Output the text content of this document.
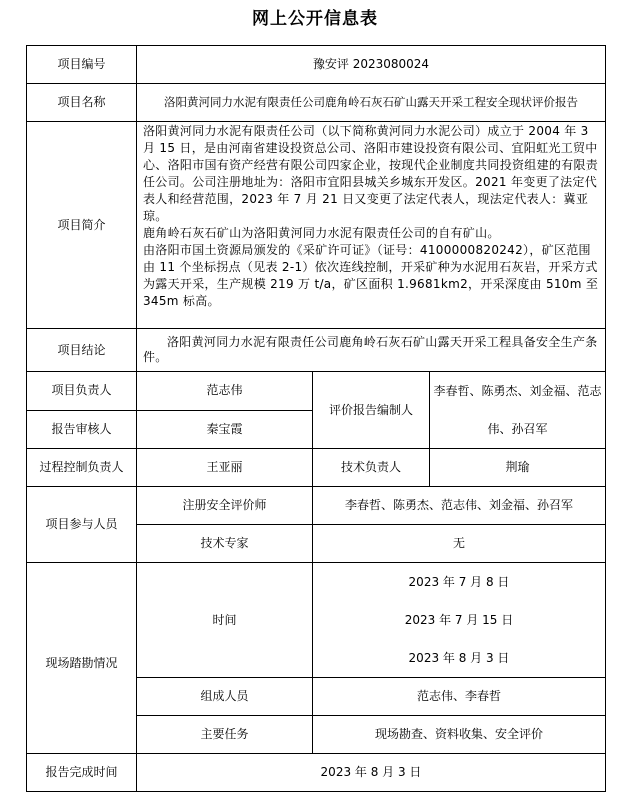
网上公开信息表
项目编号	豫安评 2023080024		
项目名称	洛阳黄河同力水泥有限责任公司鹿角岭石灰石矿山露天开采工程安全现状评价报告		
项目简介	洛阳黄河同力水泥有限责任公司（以下简称黄河同力水泥公司）成立于 2004 年 3 月 15 日，是由河南省建设投资总公司、洛阳市建设投资有限公司、宜阳虹光工贸中心、洛阳市国有资产经营有限公司四家企业，按现代企业制度共同投资组建的有限责任公司。公司注册地址为：洛阳市宜阳县城关乡城东开发区。2021 年变更了法定代表人和经营范围，2023 年 7 月 21 日又变更了法定代表人，现法定代表人：冀亚琼。
鹿角岭石灰石矿山为洛阳黄河同力水泥有限责任公司的自有矿山。
由洛阳市国土资源局颁发的《采矿许可证》（证号：4100000820242），矿区范围由 11 个坐标拐点（见表 2-1）依次连线控制，开采矿种为水泥用石灰岩，开采方式为露天开采，生产规模 219 万 t/a，矿区面积 1.9681km2，开采深度由 510m 至 345m 标高。		

项目结论	洛阳黄河同力水泥有限责任公司鹿角岭石灰石矿山露天开采工程具备安全生产条件。		
项目负责人	范志伟	评价报告编制人	李春哲、陈勇杰、刘金福、范志伟、孙召军
报告审核人	秦宝霞		
过程控制负责人	王亚丽	技术负责人	荆瑜
项目参与人员	注册安全评价师	李春哲、陈勇杰、范志伟、刘金福、孙召军	
	技术专家	无	
现场踏勘情况	时间	2023 年 7 月 8 日
2023 年 7 月 15 日
2023 年 8 月 3 日	

	组成人员	范志伟、李春哲	
	主要任务	现场勘查、资料收集、安全评价	
报告完成时间	2023 年 8 月 3 日		
